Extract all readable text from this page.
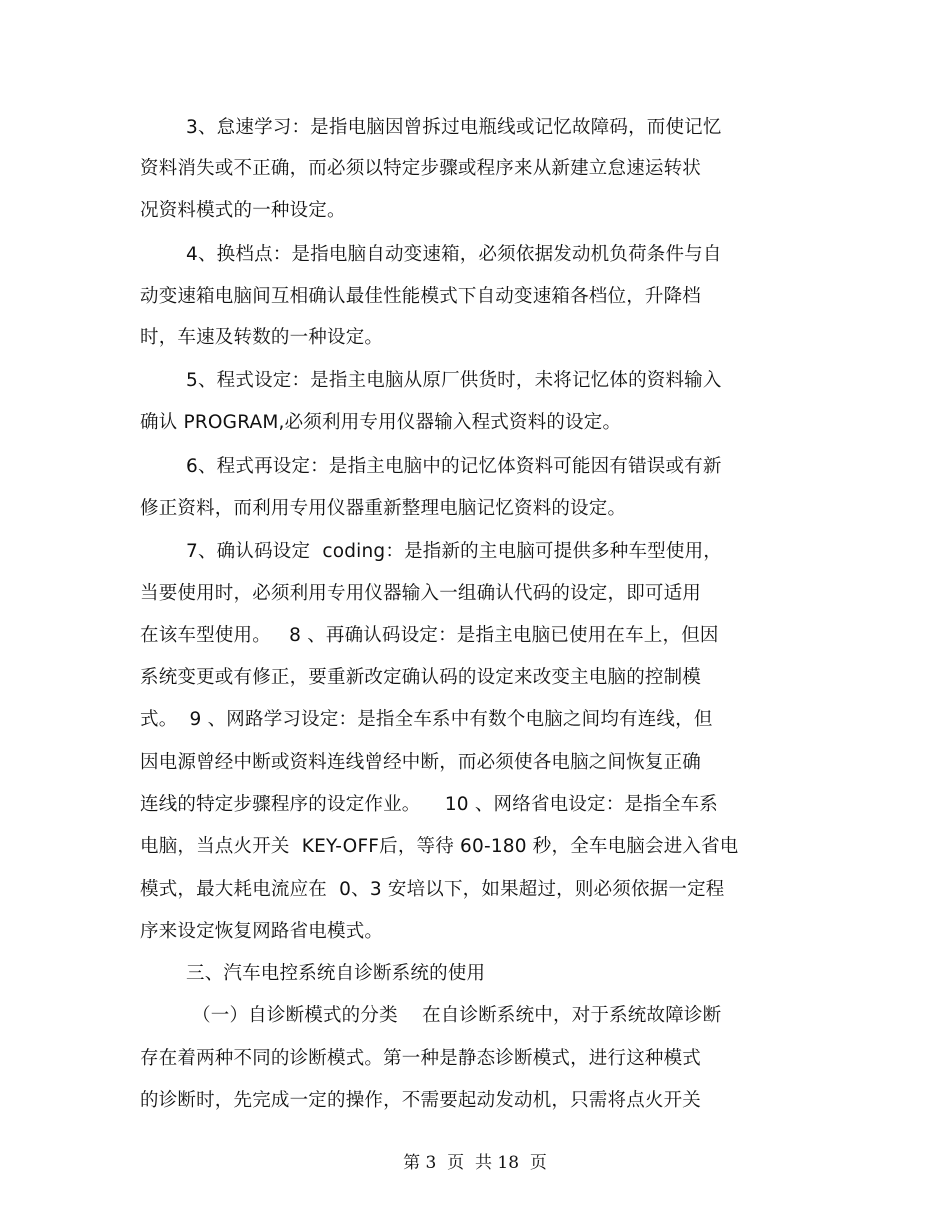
3、怠速学习：是指电脑因曾拆过电瓶线或记忆故障码，而使记忆
资料消失或不正确，而必须以特定步骤或程序来从新建立怠速运转状
况资料模式的一种设定。
4、换档点：是指电脑自动变速箱，必须依据发动机负荷条件与自
动变速箱电脑间互相确认最佳性能模式下自动变速箱各档位，升降档
时，车速及转数的一种设定。
5、程式设定：是指主电脑从原厂供货时，未将记忆体的资料输入
确认 PROGRAM,必须利用专用仪器输入程式资料的设定。
6、程式再设定：是指主电脑中的记忆体资料可能因有错误或有新
修正资料，而利用专用仪器重新整理电脑记忆资料的设定。
7、确认码设定  coding：是指新的主电脑可提供多种车型使用，
当要使用时，必须利用专用仪器输入一组确认代码的设定，即可适用
在该车型使用。   8 、再确认码设定：是指主电脑已使用在车上，但因
系统变更或有修正，要重新改定确认码的设定来改变主电脑的控制模
式。  9 、网路学习设定：是指全车系中有数个电脑之间均有连线，但
因电源曾经中断或资料连线曾经中断，而必须使各电脑之间恢复正确
连线的特定步骤程序的设定作业。    10 、网络省电设定：是指全车系
电脑，当点火开关  KEY-OFF后，等待 60-180 秒，全车电脑会进入省电
模式，最大耗电流应在  0、3 安培以下，如果超过，则必须依据一定程
序来设定恢复网路省电模式。
三、汽车电控系统自诊断系统的使用
（一）自诊断模式的分类    在自诊断系统中，对于系统故障诊断
存在着两种不同的诊断模式。第一种是静态诊断模式，进行这种模式
的诊断时，先完成一定的操作，不需要起动发动机，只需将点火开关
第 3  页  共 18  页
